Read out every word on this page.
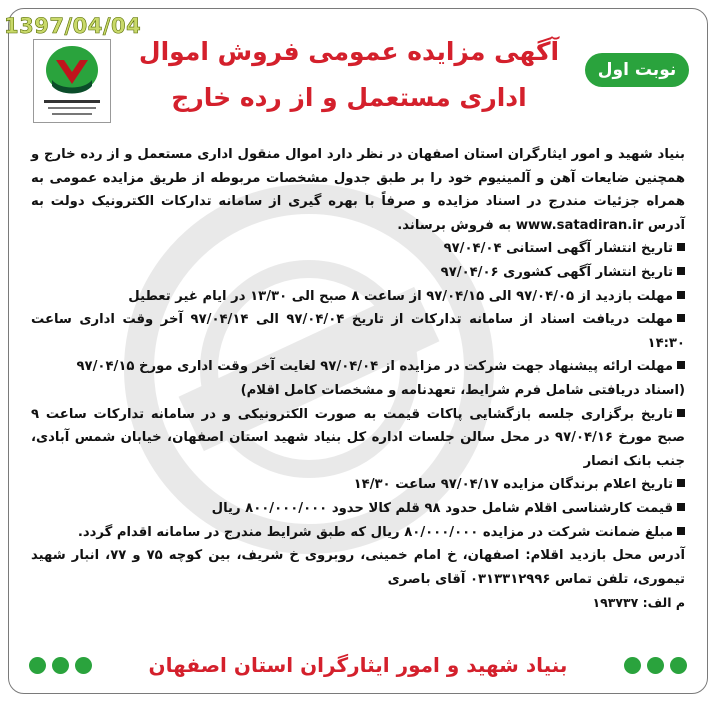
آگهی مزایده عمومی فروش اموال
اداری مستعمل و از رده خارج
نوبت اول

بنیاد شهید و امور ایثارگران استان اصفهان در نظر دارد اموال منقول اداری مستعمل و از رده خارج و همچنین ضایعات آهن و آلمینیوم خود را بر طبق جدول مشخصات مربوطه از طریق مزایده عمومی به همراه جزئیات مندرج در اسناد مزایده و صرفاً با بهره گیری از سامانه تدارکات الکترونیک دولت به آدرس www.satadiran.ir به فروش برساند.

تاریخ انتشار آگهی استانی ۹۷/۰۴/۰۴

تاریخ انتشار آگهی کشوری ۹۷/۰۴/۰۶

مهلت بازدید از ۹۷/۰۴/۰۵ الی ۹۷/۰۴/۱۵ از ساعت ۸ صبح الی ۱۳/۳۰ در ایام غیر تعطیل

مهلت دریافت اسناد از سامانه تدارکات از تاریخ ۹۷/۰۴/۰۴ الی ۹۷/۰۴/۱۴ آخر وقت اداری ساعت ۱۴:۳۰

مهلت ارائه پیشنهاد جهت شرکت در مزایده از ۹۷/۰۴/۰۴ لغایت آخر وقت اداری مورخ ۹۷/۰۴/۱۵

(اسناد دریافتی شامل فرم شرایط، تعهدنامه و مشخصات کامل اقلام)

تاریخ برگزاری جلسه بازگشایی پاکات قیمت به صورت الکترونیکی و در سامانه تدارکات ساعت ۹ صبح مورخ ۹۷/۰۴/۱۶ در محل سالن جلسات اداره کل بنیاد شهید استان اصفهان، خیابان شمس آبادی، جنب بانک انصار

تاریخ اعلام برندگان مزایده ۹۷/۰۴/۱۷ ساعت ۱۴/۳۰

قیمت کارشناسی اقلام شامل حدود ۹۸ قلم کالا حدود ۸۰۰/۰۰۰/۰۰۰ ریال

مبلغ ضمانت شرکت در مزایده ۸۰/۰۰۰/۰۰۰ ریال که طبق شرایط مندرج در سامانه اقدام گردد.

آدرس محل بازدید اقلام: اصفهان، خ امام خمینی، روبروی خ شریف، بین کوچه ۷۵ و ۷۷، انبار شهید تیموری، تلفن تماس ۰۳۱۳۳۱۲۹۹۶ آقای باصری

م الف: ۱۹۳۷۳۷

بنیاد شهید و امور ایثارگران استان اصفهان
1397/04/04
